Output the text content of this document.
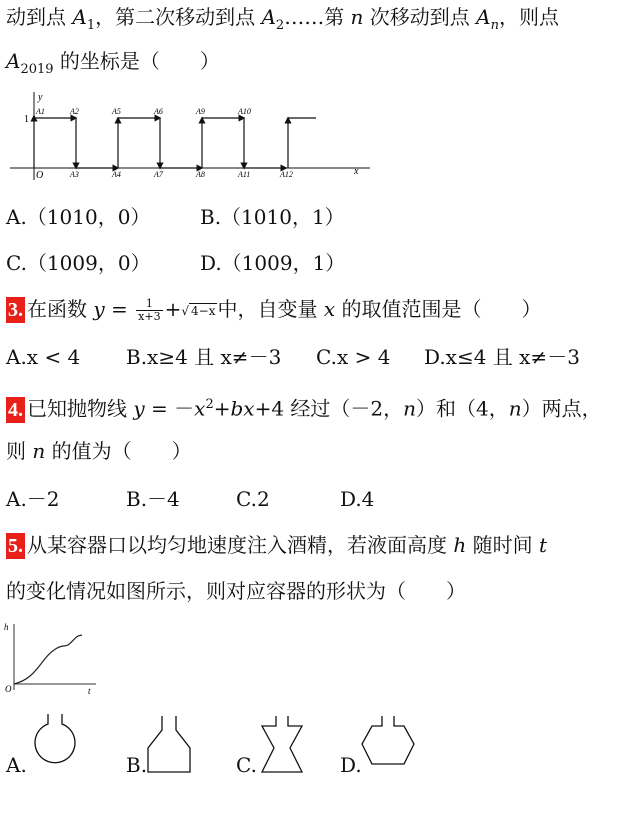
动到点 $A_1$，第二次移动到点 $A_2\dots\dots$第 n 次移动到点 $A_n$，则点
$A_{2019}$ 的坐标是（　　）
y
x
O
1
A1	A2	A5	A6	A9	A10
A3	A4	A7	A8	A11	A12
A.（1010，0） B.（1010，1）
C.（1009，0） D.（1009，1）
3. 在函数 $y = \frac{1}{x+3}$ +√ 4−x 中，自变量 x 的取值范围是（　　）
A.x < 4 B.x≥4 且 x≠－3 C.x > 4 D.x≤4 且 x≠－3
4. 已知抛物线 $y = -x^2+bx+4$ 经过（－2，n）和（4，n）两点，
则 n 的值为（　　）
A.－2	B.－4	C.2	D.4
5. 从某容器口以均匀地速度注入酒精，若液面高度 h 随时间 t
的变化情况如图所示，则对应容器的形状为（　　）
h
t
O
A.	B.	C.	D.
